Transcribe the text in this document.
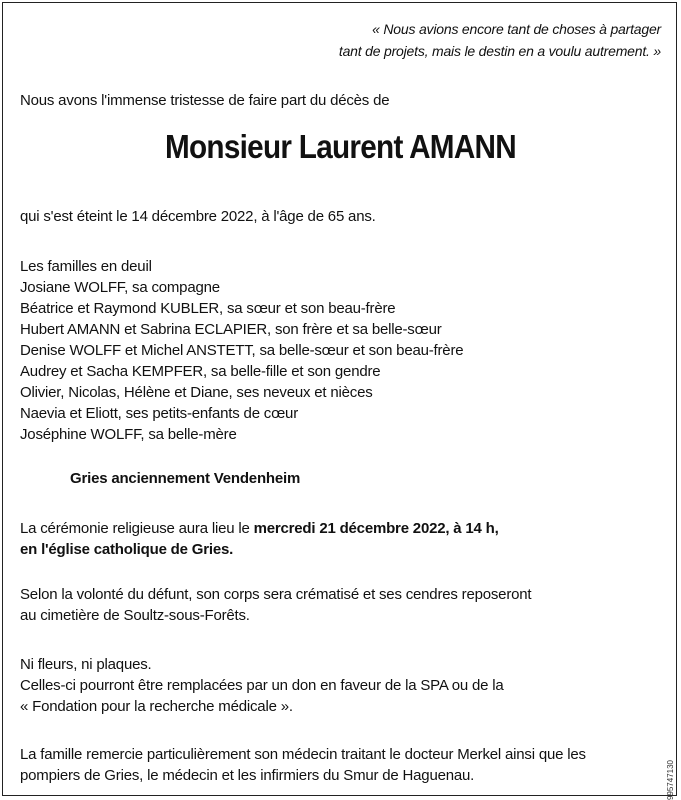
« Nous avions encore tant de choses à partager
tant de projets, mais le destin en a voulu autrement. »
Nous avons l'immense tristesse de faire part du décès de
Monsieur Laurent AMANN
qui s'est éteint le 14 décembre 2022, à l'âge de 65 ans.
Les familles en deuil
Josiane WOLFF, sa compagne
Béatrice et Raymond KUBLER, sa sœur et son beau-frère
Hubert AMANN et Sabrina ECLAPIER, son frère et sa belle-sœur
Denise WOLFF et Michel ANSTETT, sa belle-sœur et son beau-frère
Audrey et Sacha KEMPFER, sa belle-fille et son gendre
Olivier, Nicolas, Hélène et Diane, ses neveux et nièces
Naevia et Eliott, ses petits-enfants de cœur
Joséphine WOLFF, sa belle-mère
Gries anciennement Vendenheim
La cérémonie religieuse aura lieu le mercredi 21 décembre 2022, à 14 h,
en l'église catholique de Gries.
Selon la volonté du défunt, son corps sera crématisé et ses cendres reposeront
au cimetière de Soultz-sous-Forêts.
Ni fleurs, ni plaques.
Celles-ci pourront être remplacées par un don en faveur de la SPA ou de la
« Fondation pour la recherche médicale ».
La famille remercie particulièrement son médecin traitant le docteur Merkel ainsi que les
pompiers de Gries, le médecin et les infirmiers du Smur de Haguenau.	995747130
